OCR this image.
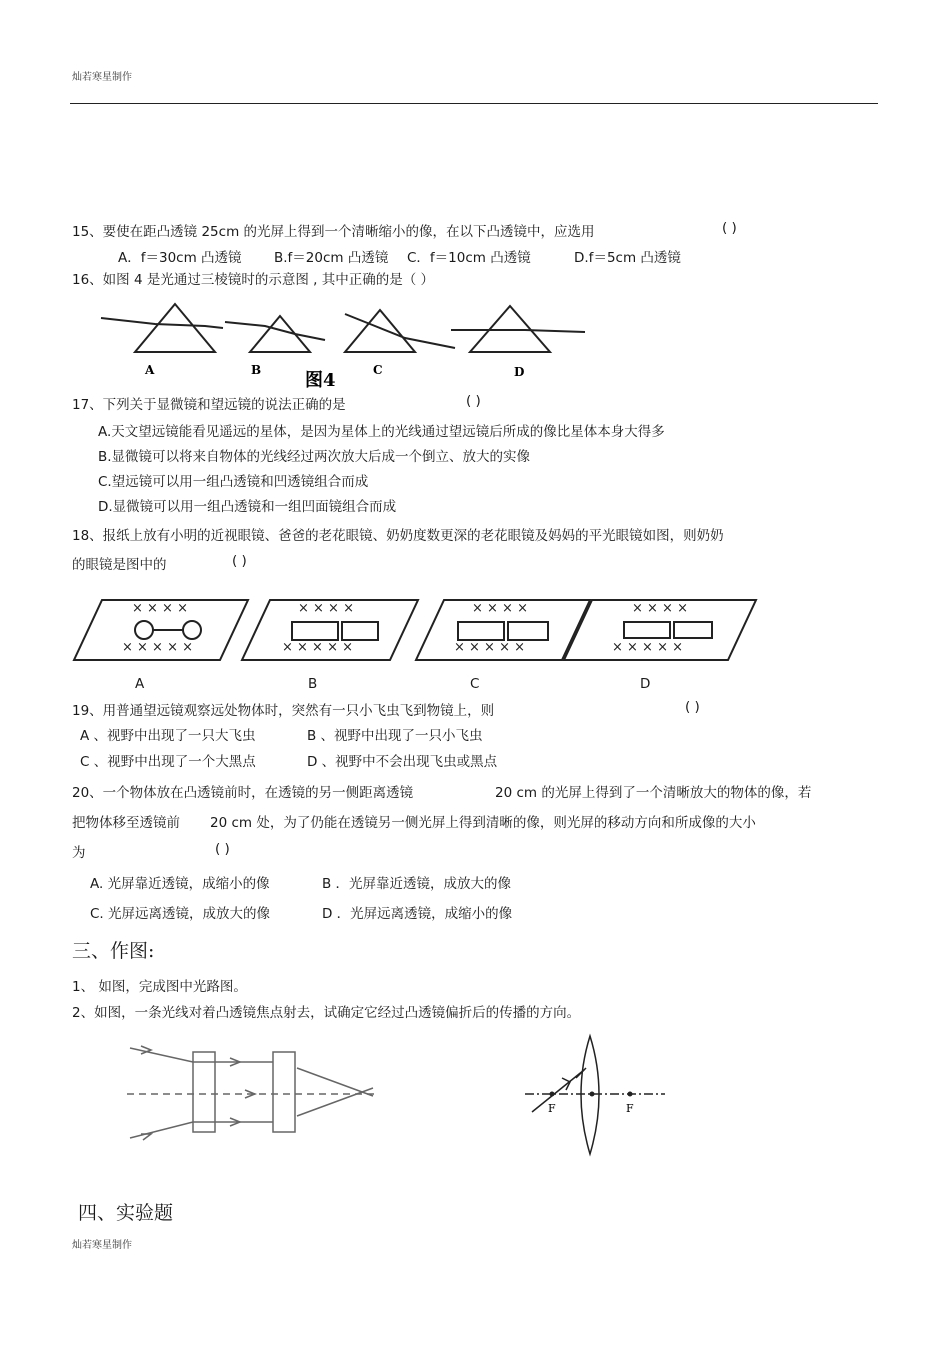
灿若寒星制作
15、要使在距凸透镜 25cm 的光屏上得到一个清晰缩小的像，在以下凸透镜中，应选用	( )
A．f＝30cm 凸透镜 B.f＝20cm 凸透镜 C．f＝10cm 凸透镜	D.f＝5cm 凸透镜
16、如图 4 是光通过三棱镜时的示意图 , 其中正确的是（ ）
A	B	C	D
图4
17、下列关于显微镜和望远镜的说法正确的是	( )
A.天文望远镜能看见遥远的星体，是因为星体上的光线通过望远镜后所成的像比星体本身大得多
B.显微镜可以将来自物体的光线经过两次放大后成一个倒立、放大的实像
C.望远镜可以用一组凸透镜和凹透镜组合而成
D.显微镜可以用一组凸透镜和一组凹面镜组合而成
18、报纸上放有小明的近视眼镜、爸爸的老花眼镜、奶奶度数更深的老花眼镜及妈妈的平光眼镜如图，则奶奶
的眼镜是图中的	( )
× × × ×
× × × × ×
× × × ×
× × × × ×
× × × ×
× × × × ×
× × × ×
× × × × ×
A	B	C	D
19、用普通望远镜观察远处物体时，突然有一只小飞虫飞到物镜上，则	( )
A 、视野中出现了一只大飞虫	B 、视野中出现了一只小飞虫
C 、视野中出现了一个大黑点	D 、视野中不会出现飞虫或黑点
20、一个物体放在凸透镜前时，在透镜的另一侧距离透镜	20 cm 的光屏上得到了一个清晰放大的物体的像，若
把物体移至透镜前 20 cm 处，为了仍能在透镜另一侧光屏上得到清晰的像，则光屏的移动方向和所成像的大小
为	( )
A. 光屏靠近透镜，成缩小的像	B ．光屏靠近透镜，成放大的像
C. 光屏远离透镜，成放大的像	D ．光屏远离透镜，成缩小的像
三、作图:
1、 如图，完成图中光路图。
2、如图，一条光线对着凸透镜焦点射去，试确定它经过凸透镜偏折后的传播的方向。
F	F
四、实验题
灿若寒星制作
